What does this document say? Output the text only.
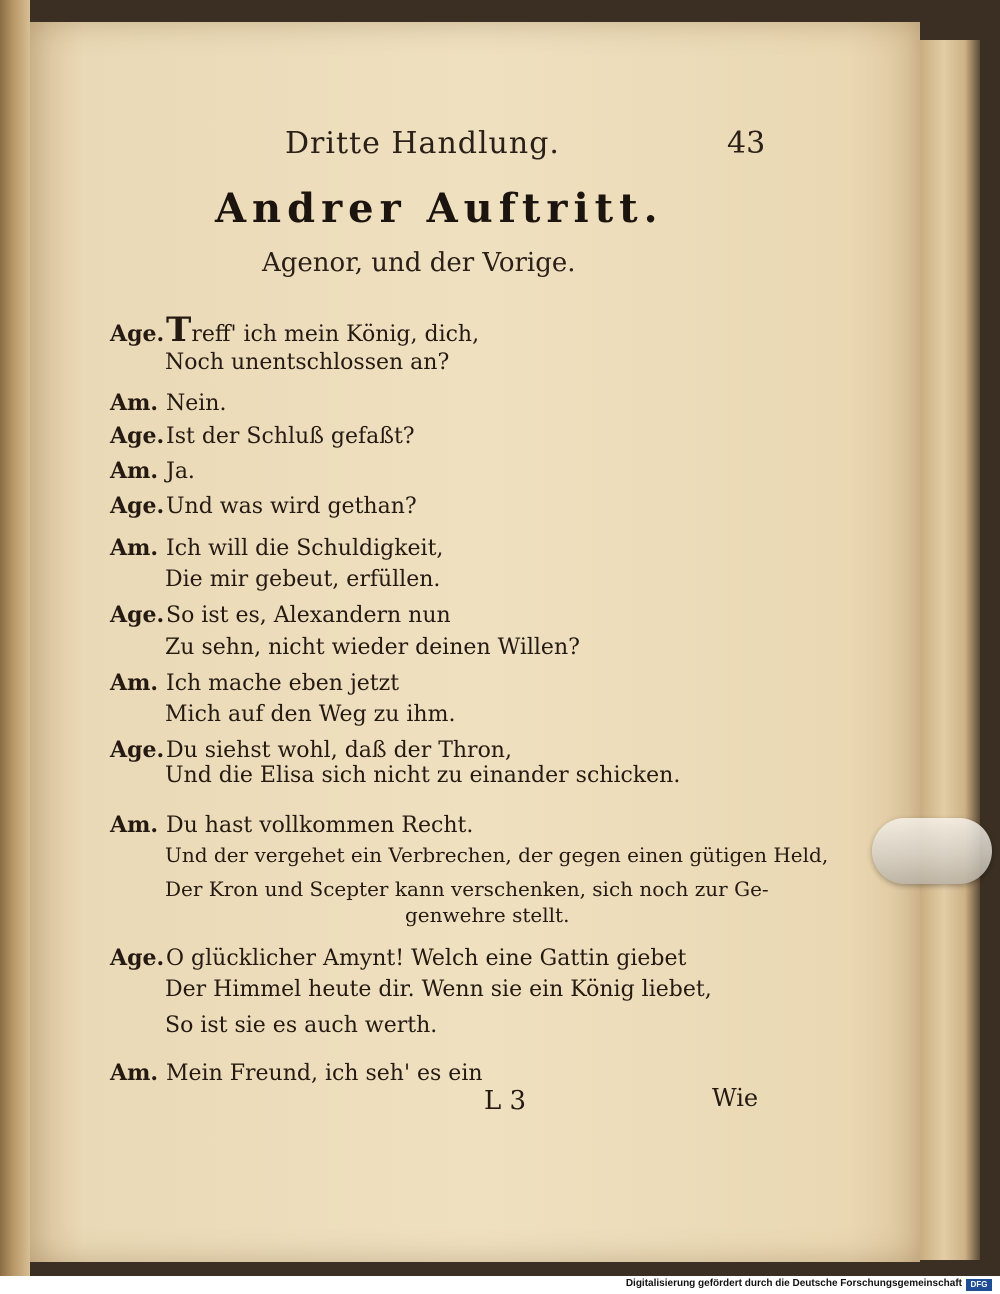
Dritte Handlung.	43
Andrer Auftritt.
Agenor, und der Vorige.
Age.Treff' ich mein König, dich,
Noch unentschlossen an?
Am. Nein.
Age.Ist der Schluß gefaßt?
Am. Ja.
Age.Und was wird gethan?
Am. Ich will die Schuldigkeit,
Die mir gebeut, erfüllen.
Age.So ist es, Alexandern nun
Zu sehn, nicht wieder deinen Willen?
Am. Ich mache eben jetzt
Mich auf den Weg zu ihm.
Age.Du siehst wohl, daß der Thron,
Und die Elisa sich nicht zu einander schicken.
Am. Du hast vollkommen Recht.
Und der vergehet ein Verbrechen, der gegen einen gütigen Held,
Der Kron und Scepter kann verschenken, sich noch zur Ge-
genwehre stellt.
Age.O glücklicher Amynt! Welch eine Gattin giebet
Der Himmel heute dir. Wenn sie ein König liebet,
So ist sie es auch werth.
Am. Mein Freund, ich seh' es ein
L 3	Wie
Digitalisierung gefördert durch die Deutsche Forschungsgemeinschaft	DFG
